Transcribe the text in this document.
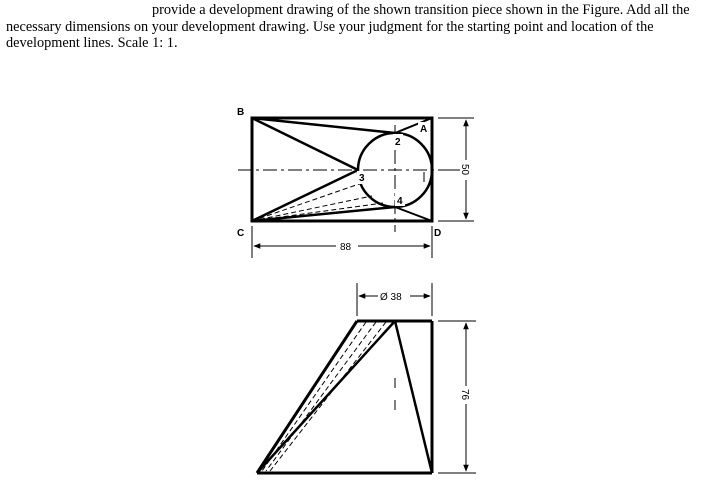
provide a development drawing of the shown transition piece shown in the Figure. Add all the
necessary dimensions on your development drawing. Use your judgment for the starting point and location of the
development lines. Scale 1: 1.
B
C
A
D
2
3
4
88
50
Ø 38
76
